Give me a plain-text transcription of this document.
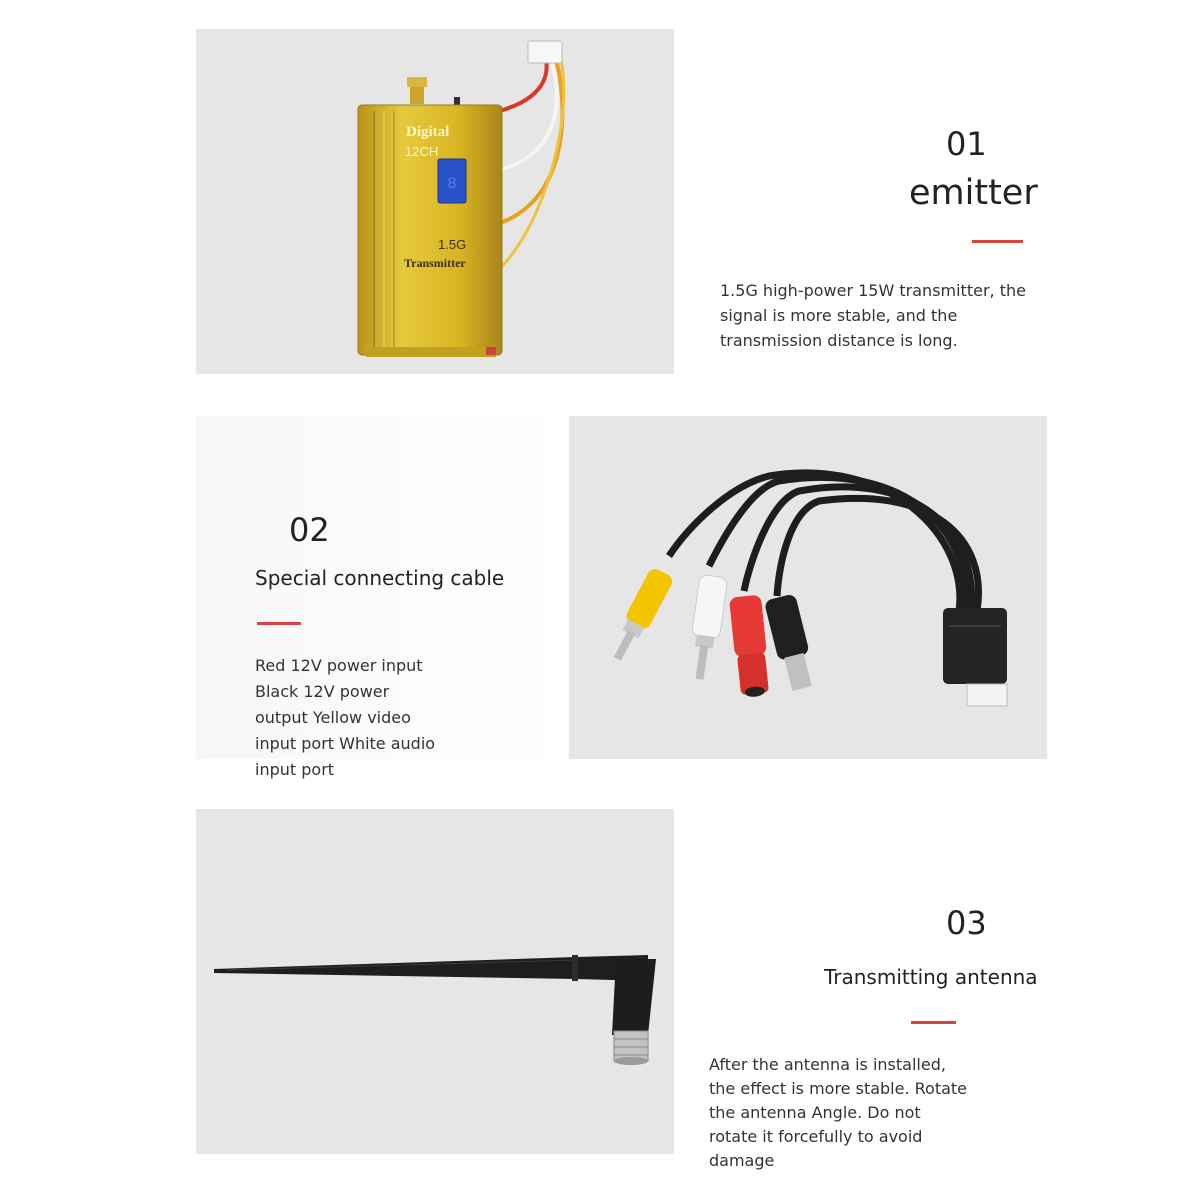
8
Digital
12CH
1.5G
Transmitter
01
emitter
1.5G high-power 15W transmitter, the signal is more stable, and the transmission distance is long.
02
Special connecting cable
Red 12V power input Black 12V power output Yellow video input port White audio input port
03
Transmitting antenna
After the antenna is installed, the effect is more stable. Rotate the antenna Angle. Do not rotate it forcefully to avoid damage
